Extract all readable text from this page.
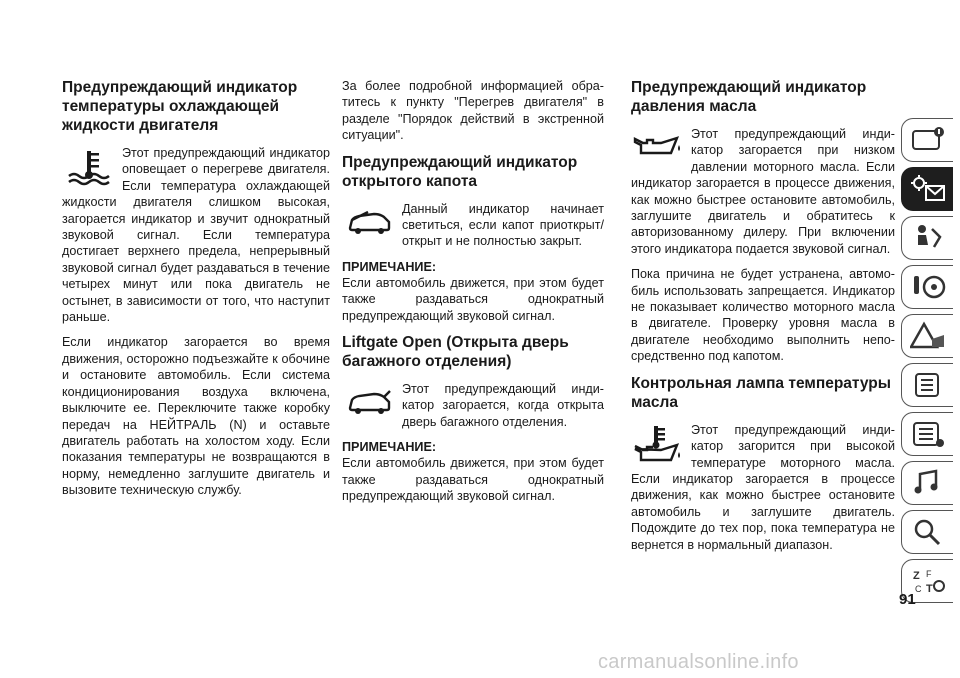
Предупреждающий индикатор температуры охлаждающей жидкости двигателя

Этот предупреждающий индикатор оповещает о перегреве двигателя. Если температура охлаждающей жидкости двигателя слишком высокая, загорается индикатор и звучит однократный звуковой сигнал. Если температура достигает верхнего предела, непрерывный звуковой сигнал будет раздаваться в течение четырех минут или пока двигатель не остынет, в зависимости от того, что наступит раньше.

Если индикатор загорается во время движения, осторожно подъезжайте к обочине и остановите автомобиль. Если система кондиционирования воздуха включена, выключите ее. Переключите также коробку передач на НЕЙТРАЛЬ (N) и оставьте двигатель работать на холостом ходу. Если показания температуры не возвращаются в норму, немедленно заглушите двигатель и вызовите техническую службу.

За более подробной информацией обратитесь к пункту "Перегрев двигателя" в разделе "Порядок действий в экстренной ситуации".

Предупреждающий индикатор открытого капота

Данный индикатор начинает светиться, если капот приоткрыт/открыт и не полностью закрыт.

ПРИМЕЧАНИЕ:

Если автомобиль движется, при этом будет также раздаваться однократный предупреждающий звуковой сигнал.

Liftgate Open (Открыта дверь багажного отделения)

Этот предупреждающий индикатор загорается, когда открыта дверь багажного отделения.

ПРИМЕЧАНИЕ:

Если автомобиль движется, при этом будет также раздаваться однократный предупреждающий звуковой сигнал.

Предупреждающий индикатор давления масла

Этот предупреждающий индикатор загорается при низком давлении моторного масла. Если индикатор загорается в процессе движения, как можно быстрее остановите автомобиль, заглушите двигатель и обратитесь к авторизованному дилеру. При включении этого индикатора подается звуковой сигнал.

Пока причина не будет устранена, автомобиль использовать запрещается. Индикатор не показывает количество моторного масла в двигателе. Проверку уровня масла в двигателе необходимо выполнить непосредственно под капотом.

Контрольная лампа температуры масла

Этот предупреждающий индикатор загорится при высокой температуре моторного масла. Если индикатор загорается в процессе движения, как можно быстрее остановите автомобиль и заглушите двигатель. Подождите до тех пор, пока температура не вернется в нормальный диапазон.

Z F
C T
91
carmanualsonline.info
